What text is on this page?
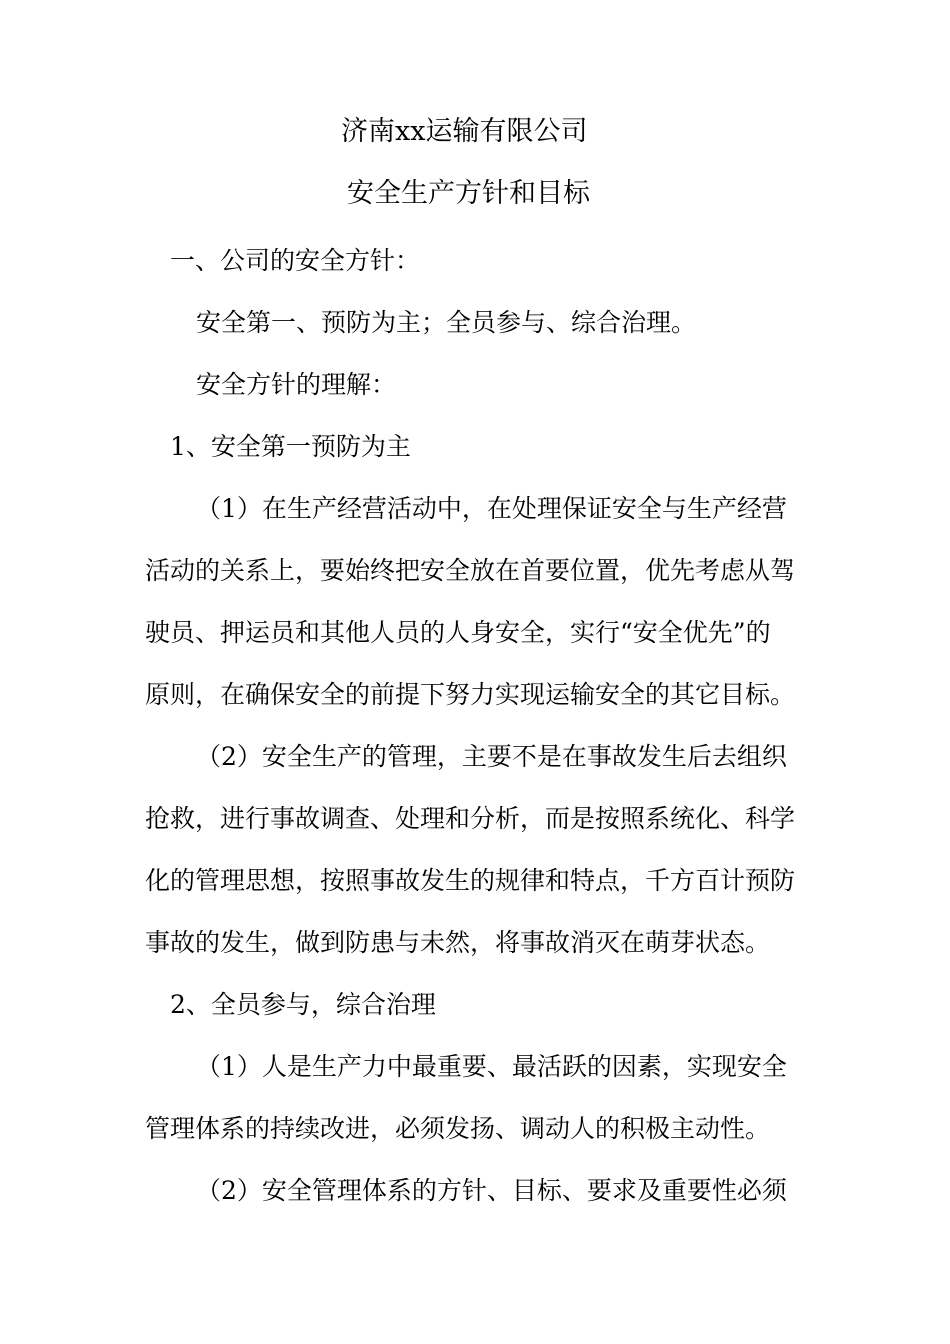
济南xx运输有限公司
安全生产方针和目标
一、公司的安全方针：
安全第一、预防为主；全员参与、综合治理。
安全方针的理解：
1、安全第一预防为主
（1）在生产经营活动中，在处理保证安全与生产经营
活动的关系上，要始终把安全放在首要位置，优先考虑从驾
驶员、押运员和其他人员的人身安全，实行“安全优先”的
原则，在确保安全的前提下努力实现运输安全的其它目标。
（2）安全生产的管理，主要不是在事故发生后去组织
抢救，进行事故调查、处理和分析，而是按照系统化、科学
化的管理思想，按照事故发生的规律和特点，千方百计预防
事故的发生，做到防患与未然，将事故消灭在萌芽状态。
2、全员参与，综合治理
（1）人是生产力中最重要、最活跃的因素，实现安全
管理体系的持续改进，必须发扬、调动人的积极主动性。
（2）安全管理体系的方针、目标、要求及重要性必须
